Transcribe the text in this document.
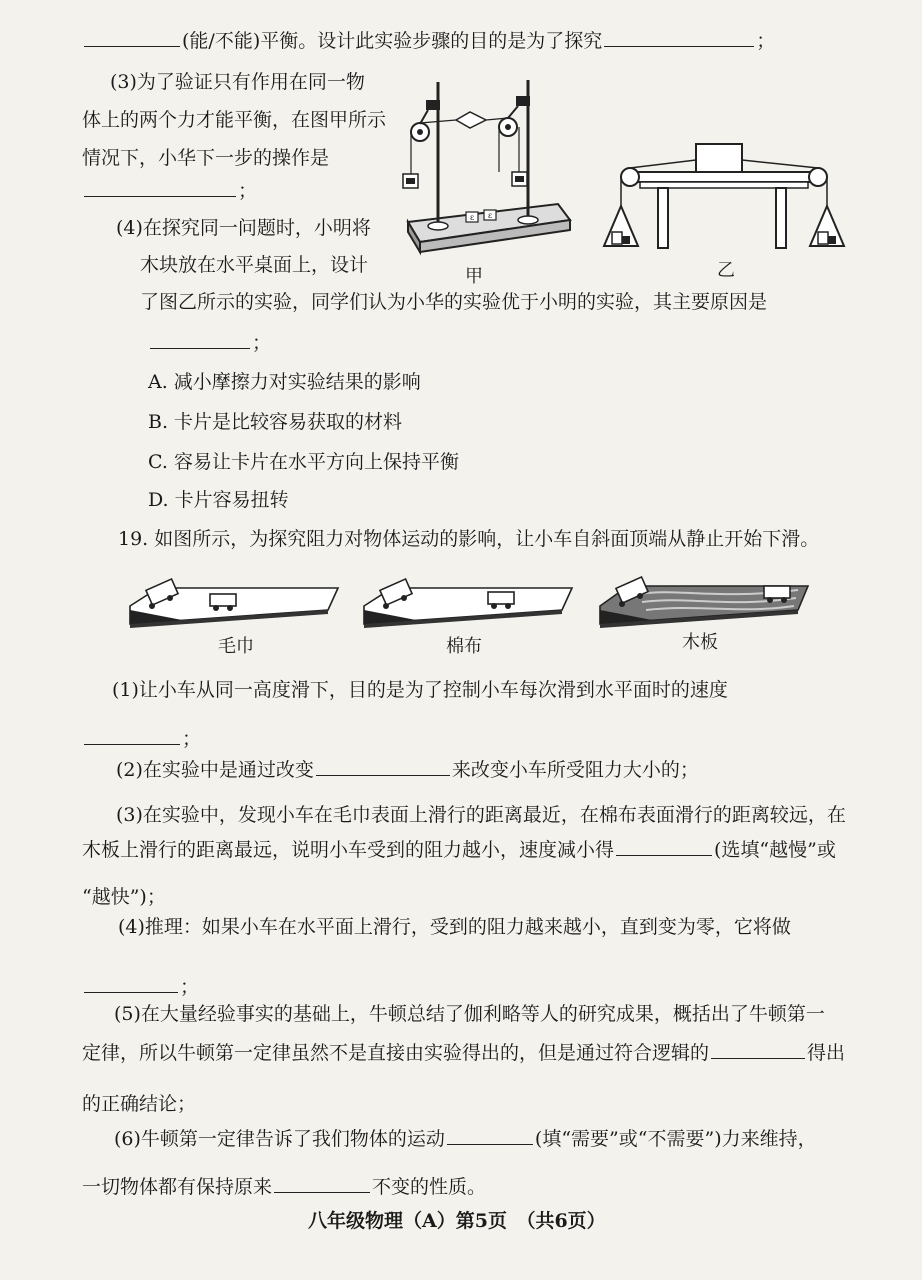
(能/不能)平衡。设计此实验步骤的目的是为了探究	；
(3)为了验证只有作用在同一物
体上的两个力才能平衡，在图甲所示
情况下，小华下一步的操作是
；
(4)在探究同一问题时，小明将
木块放在水平桌面上，设计
了图乙所示的实验，同学们认为小华的实验优于小明的实验，其主要原因是
；
A. 减小摩擦力对实验结果的影响
B. 卡片是比较容易获取的材料
C. 容易让卡片在水平方向上保持平衡
D. 卡片容易扭转
ε ε
甲	乙
19. 如图所示，为探究阻力对物体运动的影响，让小车自斜面顶端从静止开始下滑。
毛巾	棉布	木板
(1)让小车从同一高度滑下，目的是为了控制小车每次滑到水平面时的速度
；
(2)在实验中是通过改变	来改变小车所受阻力大小的；
(3)在实验中，发现小车在毛巾表面上滑行的距离最近，在棉布表面滑行的距离较远，在
木板上滑行的距离最远，说明小车受到的阻力越小，速度减小得	(选填“越慢”或
“越快”)；
(4)推理：如果小车在水平面上滑行，受到的阻力越来越小，直到变为零，它将做
；
(5)在大量经验事实的基础上，牛顿总结了伽利略等人的研究成果，概括出了牛顿第一
定律，所以牛顿第一定律虽然不是直接由实验得出的，但是通过符合逻辑的	得出
的正确结论；
(6)牛顿第一定律告诉了我们物体的运动	(填“需要”或“不需要”)力来维持，
一切物体都有保持原来	不变的性质。
八年级物理（A）第5页　（共6页）
